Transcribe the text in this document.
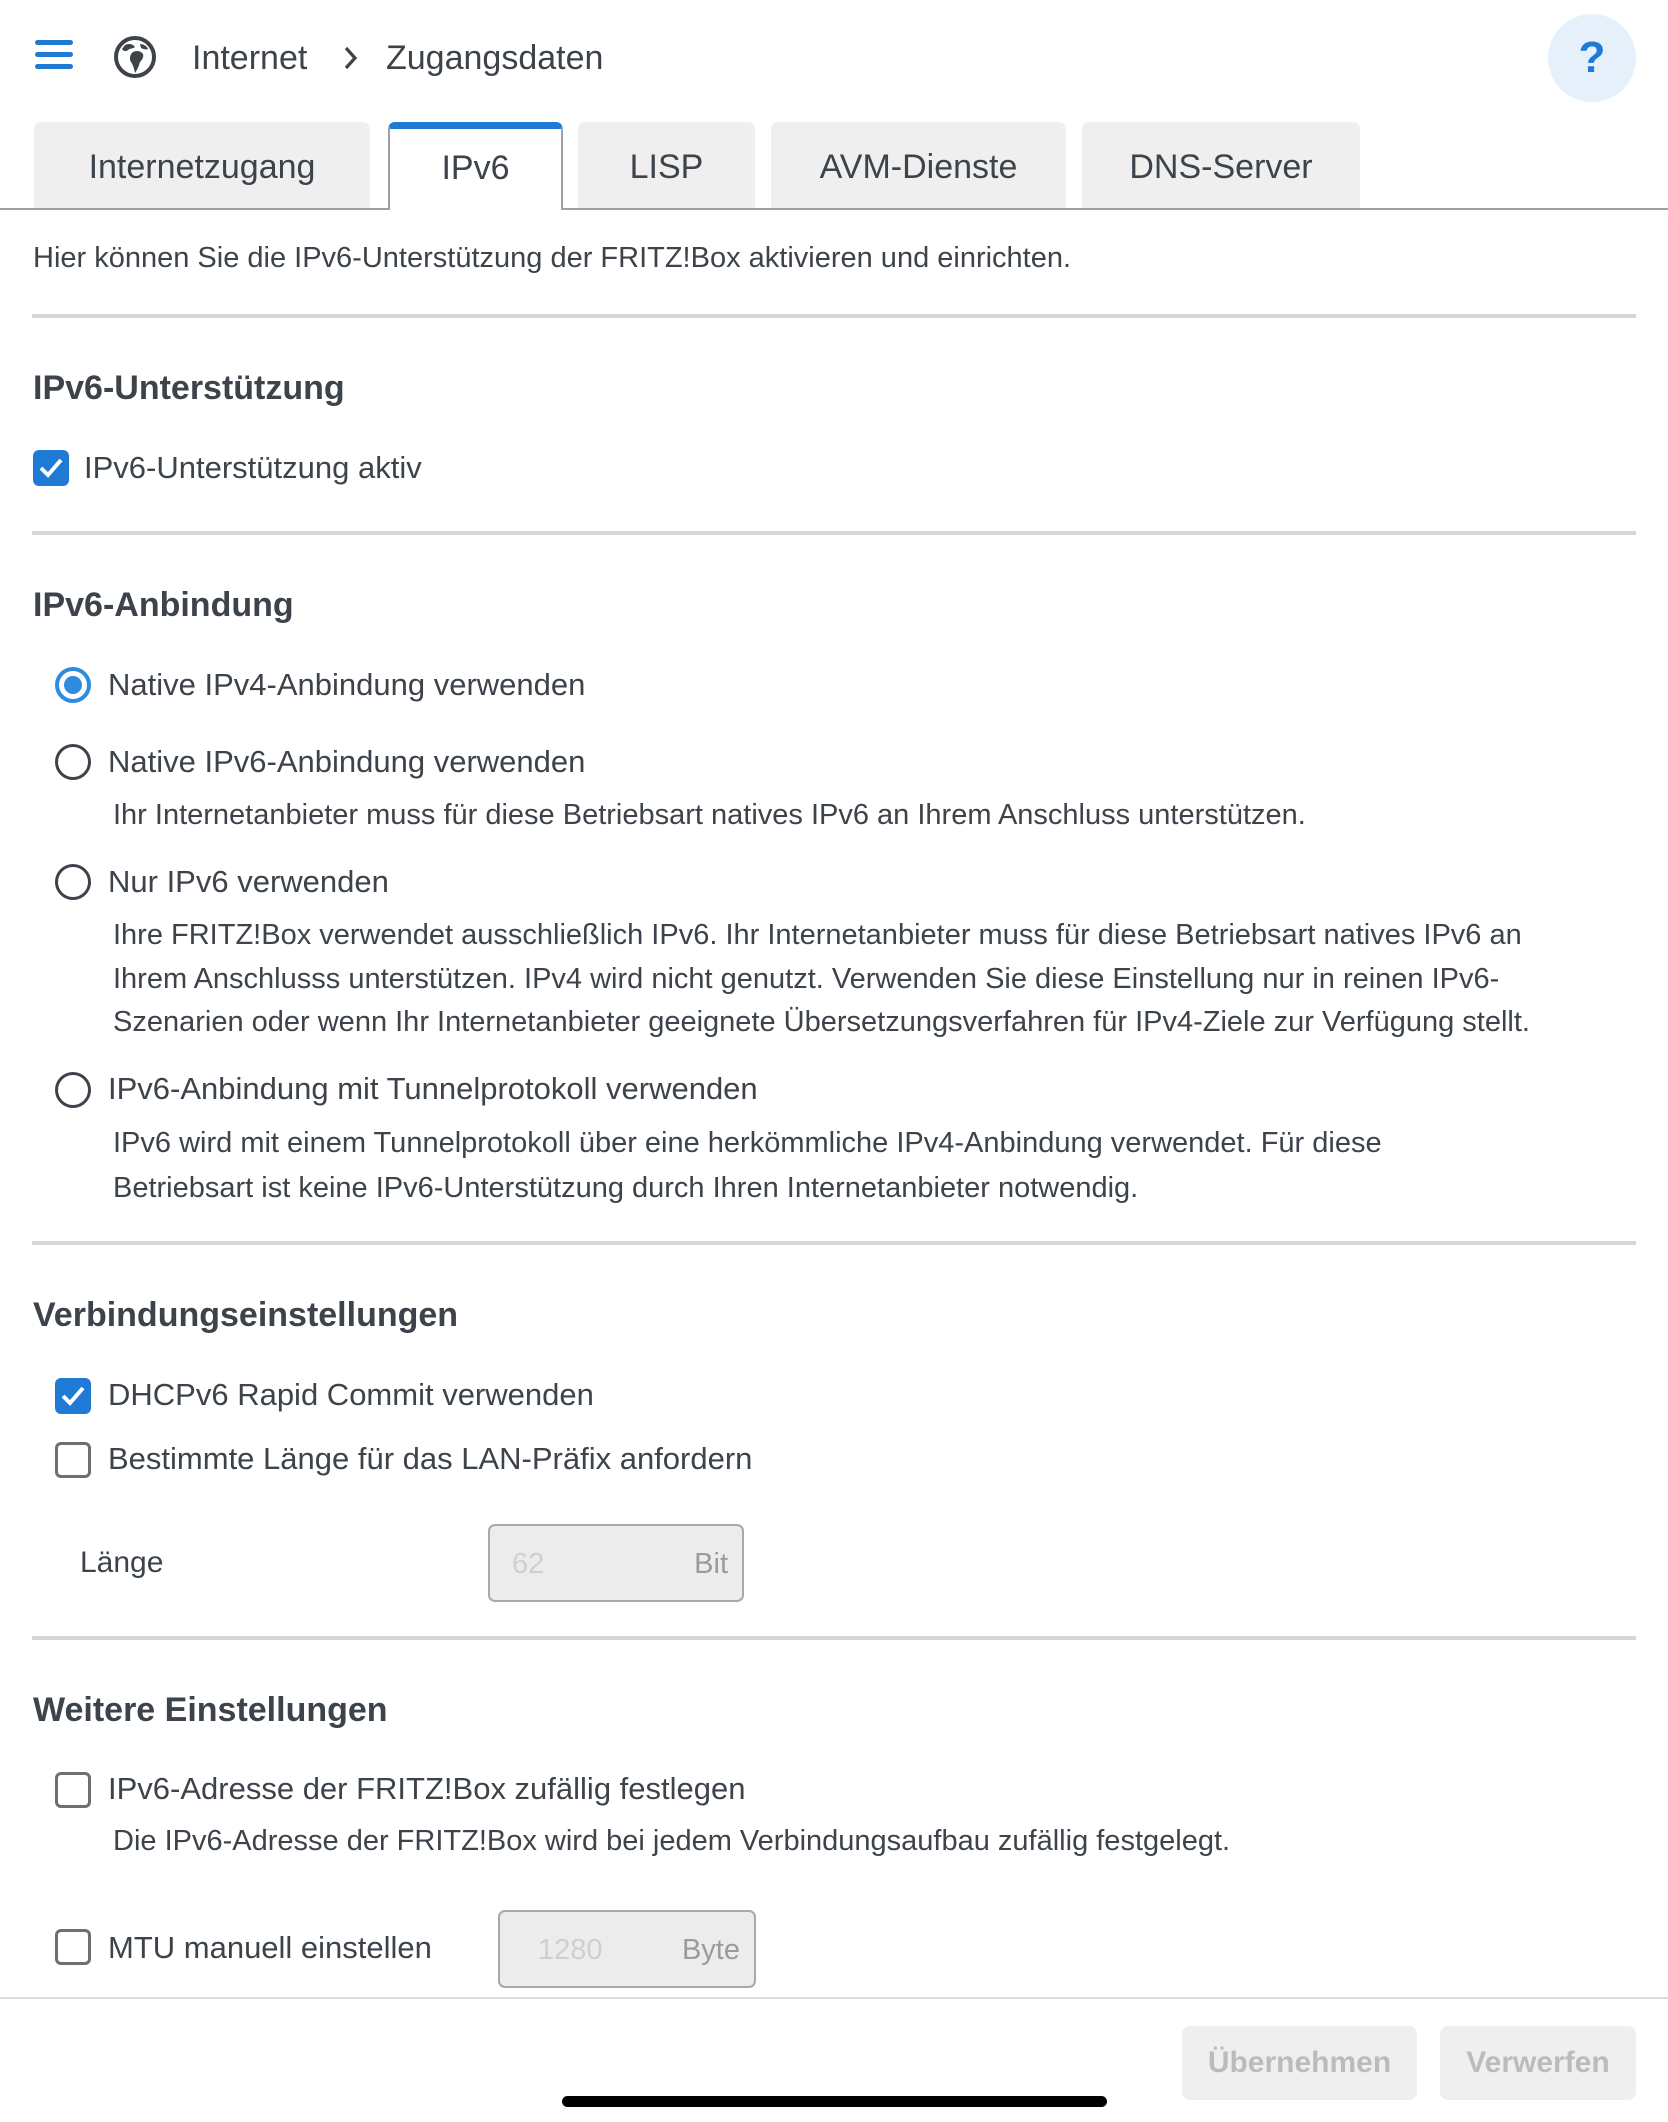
Internet Zugangsdaten	?
Internetzugang	IPv6	LISP	AVM-Dienste	DNS-Server
Hier können Sie die IPv6-Unterstützung der FRITZ!Box aktivieren und einrichten.
IPv6-Unterstützung
IPv6-Unterstützung aktiv
IPv6-Anbindung
Native IPv4-Anbindung verwenden
Native IPv6-Anbindung verwenden
Ihr Internetanbieter muss für diese Betriebsart natives IPv6 an Ihrem Anschluss unterstützen.
Nur IPv6 verwenden
Ihre FRITZ!Box verwendet ausschließlich IPv6. Ihr Internetanbieter muss für diese Betriebsart natives IPv6 an
Ihrem Anschlusss unterstützen. IPv4 wird nicht genutzt. Verwenden Sie diese Einstellung nur in reinen IPv6-
Szenarien oder wenn Ihr Internetanbieter geeignete Übersetzungsverfahren für IPv4-Ziele zur Verfügung stellt.
IPv6-Anbindung mit Tunnelprotokoll verwenden
IPv6 wird mit einem Tunnelprotokoll über eine herkömmliche IPv4-Anbindung verwendet. Für diese
Betriebsart ist keine IPv6-Unterstützung durch Ihren Internetanbieter notwendig.
Verbindungseinstellungen
DHCPv6 Rapid Commit verwenden
Bestimmte Länge für das LAN-Präfix anfordern
Länge	62	Bit
Weitere Einstellungen
IPv6-Adresse der FRITZ!Box zufällig festlegen
Die IPv6-Adresse der FRITZ!Box wird bei jedem Verbindungsaufbau zufällig festgelegt.
MTU manuell einstellen	1280	Byte
Übernehmen	Verwerfen
